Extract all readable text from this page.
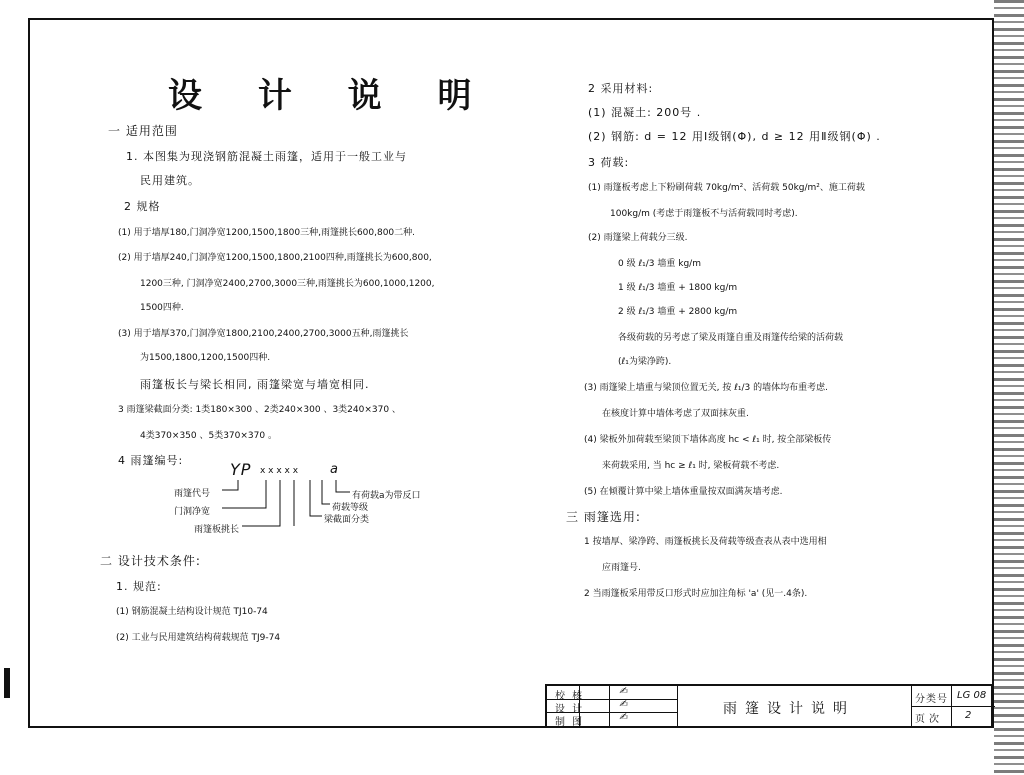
设 计 说 明
一 适用范围
1. 本图集为现浇钢筋混凝土雨篷，适用于一般工业与
民用建筑。
2 规格
(1) 用于墙厚180,门洞净宽1200,1500,1800三种,雨篷挑长600,800二种.
(2) 用于墙厚240,门洞净宽1200,1500,1800,2100四种,雨篷挑长为600,800,
1200三种, 门洞净宽2400,2700,3000三种,雨篷挑长为600,1000,1200,
1500四种.
(3) 用于墙厚370,门洞净宽1800,2100,2400,2700,3000五种,雨篷挑长
为1500,1800,1200,1500四种.
雨篷板长与梁长相同, 雨篷梁宽与墙宽相同.
3 雨篷梁截面分类: 1类180×300 、2类240×300 、3类240×370 、
4类370×350 、5类370×370 。
4 雨篷编号:	YP x x x x x a
雨篷代号
门洞净宽
雨篷板挑长
有荷载a为带反口
荷载等级
梁截面分类
二 设计技术条件:
1. 规范:
(1) 钢筋混凝土结构设计规范 TJ10-74
(2) 工业与民用建筑结构荷载规范 TJ9-74
2 采用材料:
(1) 混凝土: 200号 .
(2) 钢筋: d = 12 用Ⅰ级钢(Φ), d ≥ 12 用Ⅱ级钢(Φ) .
3 荷载:
(1) 雨篷板考虑上下粉刷荷载 70kg/m²、活荷载 50kg/m²、施工荷载
100kg/m (考虑于雨篷板不与活荷载同时考虑).
(2) 雨篷梁上荷载分三级.
0 级 ℓ₁/3 墙重 kg/m
1 级 ℓ₁/3 墙重 + 1800 kg/m
2 级 ℓ₁/3 墙重 + 2800 kg/m
各级荷载的另考虑了梁及雨篷自重及雨篷传给梁的活荷载
(ℓ₁为梁净跨).
(3) 雨篷梁上墙重与梁顶位置无关, 按 ℓ₁/3 的墙体均布重考虑.
在核度计算中墙体考虑了双面抹灰重.
(4) 梁板外加荷载至梁顶下墙体高度 hc < ℓ₁ 时, 按全部梁板传
来荷载采用, 当 hc ≥ ℓ₁ 时, 梁板荷载不考虑.
(5) 在倾覆计算中梁上墙体重量按双面满灰墙考虑.
三 雨篷选用:
1 按墙厚、梁净跨、雨篷板挑长及荷载等级查表从表中选用相
应雨篷号.
2 当雨篷板采用带反口形式时应加注角标 'a' (见一.4条).
校 核
设 计
制 图
✍︎
✍︎
✍︎
雨篷设计说明
分类号 LG 08
页次 2
